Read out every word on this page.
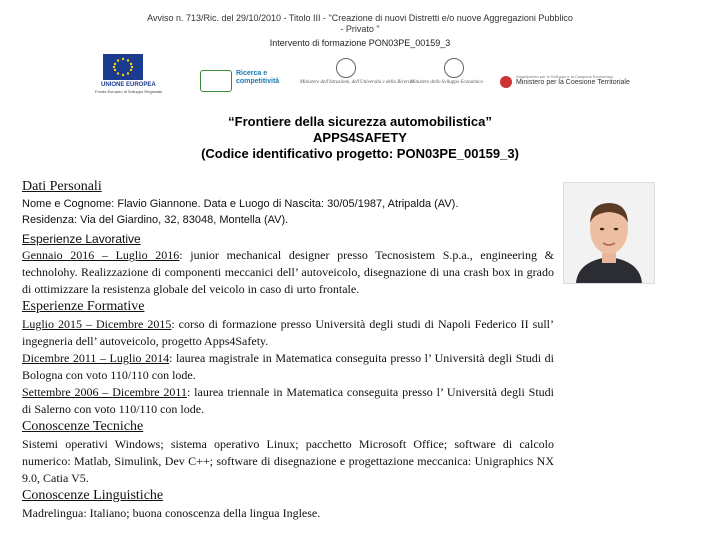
Avviso n. 713/Ric. del 29/10/2010 - Titolo III - "Creazione di nuovi Distretti e/o nuove Aggregazioni Pubblico
- Privato "
Intervento di formazione PON03PE_00159_3
UNIONE EUROPEA
Fondo Europeo di Sviluppo Regionale
Ricerca e competitività	Ministero dell'Istruzione, dell'Università e della Ricerca
Ministero dello Sviluppo Economico
Dipartimento per lo Sviluppo e la Coesione Economica
Ministero per la Coesione Territoriale
“Frontiere della sicurezza automobilistica”
APPS4SAFETY
(Codice identificativo progetto: PON03PE_00159_3)
Dati Personali
Nome e Cognome: Flavio Giannone. Data e Luogo di Nascita: 30/05/1987, Atripalda (AV).
Residenza: Via del Giardino, 32, 83048, Montella (AV).
Esperienze Lavorative
Gennaio 2016 – Luglio 2016: junior mechanical designer presso Tecnosistem S.p.a., engineering & technolohy. Realizzazione di componenti meccanici dell’ autoveicolo, disegnazione di una crash box in grado di ottimizzare la resistenza globale del veicolo in caso di urto frontale.
Esperienze Formative
Luglio 2015 – Dicembre 2015: corso di formazione presso Università degli studi di Napoli Federico II sull’ ingegneria dell’ autoveicolo, progetto Apps4Safety.
Dicembre 2011 – Luglio 2014: laurea magistrale in Matematica conseguita presso l’ Università degli Studi di Bologna con voto 110/110 con lode.
Settembre 2006 – Dicembre 2011: laurea triennale in Matematica conseguita presso l’ Università degli Studi di Salerno con voto 110/110 con lode.
Conoscenze Tecniche
Sistemi operativi Windows; sistema operativo Linux; pacchetto Microsoft Office; software di calcolo numerico: Matlab, Simulink, Dev C++; software di disegnazione e progettazione meccanica: Unigraphics NX 9.0, Catia V5.
Conoscenze Linguistiche
Madrelingua: Italiano; buona conoscenza della lingua Inglese.
